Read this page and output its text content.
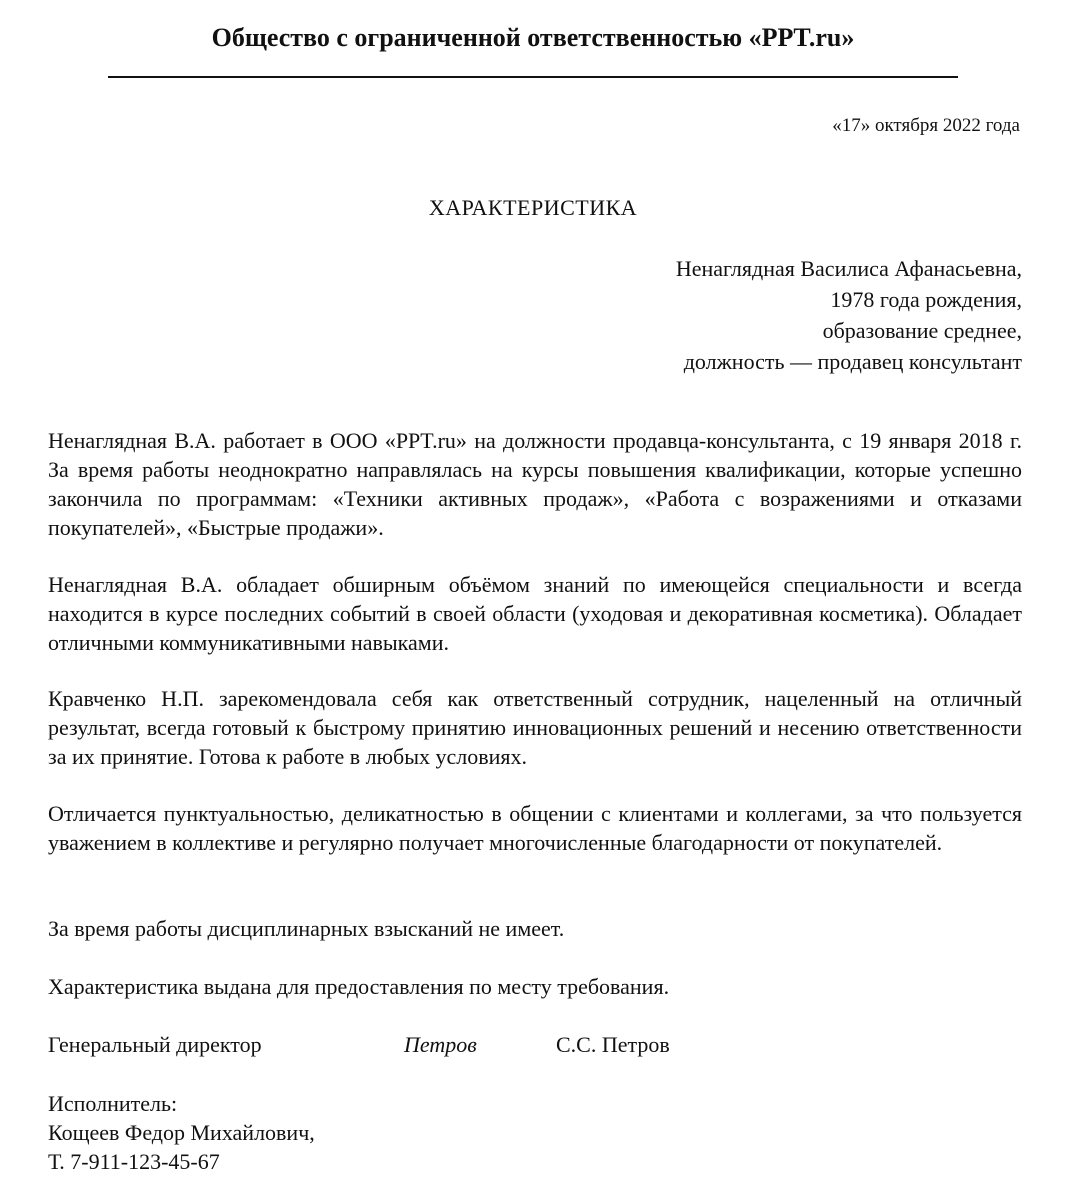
Общество с ограниченной ответственностью «PPT.ru»
«17» октября 2022 года
ХАРАКТЕРИСТИКА
Ненаглядная Василиса Афанасьевна,
1978 года рождения,
образование среднее,
должность — продавец консультант

Ненаглядная В.А. работает в ООО «PPT.ru» на должности продавца-консультанта, с 19 января 2018 г. За время работы неоднократно направлялась на курсы повышения квалификации, которые успешно закончила по программам: «Техники активных продаж», «Работа с возражениями и отказами покупателей», «Быстрые продажи».

Ненаглядная В.А. обладает обширным объёмом знаний по имеющейся специальности и всегда находится в курсе последних событий в своей области (уходовая и декоративная косметика). Обладает отличными коммуникативными навыками.

Кравченко Н.П. зарекомендовала себя как ответственный сотрудник, нацеленный на отличный результат, всегда готовый к быстрому принятию инновационных решений и несению ответственности за их принятие. Готова к работе в любых условиях.

Отличается пунктуальностью, деликатностью в общении с клиентами и коллегами, за что пользуется уважением в коллективе и регулярно получает многочисленные благодарности от покупателей.

За время работы дисциплинарных взысканий не имеет.

Характеристика выдана для предоставления по месту требования.

Генеральный директор	Петров	С.С. Петров
Исполнитель:
Кощеев Федор Михайлович,
Т. 7-911-123-45-67
